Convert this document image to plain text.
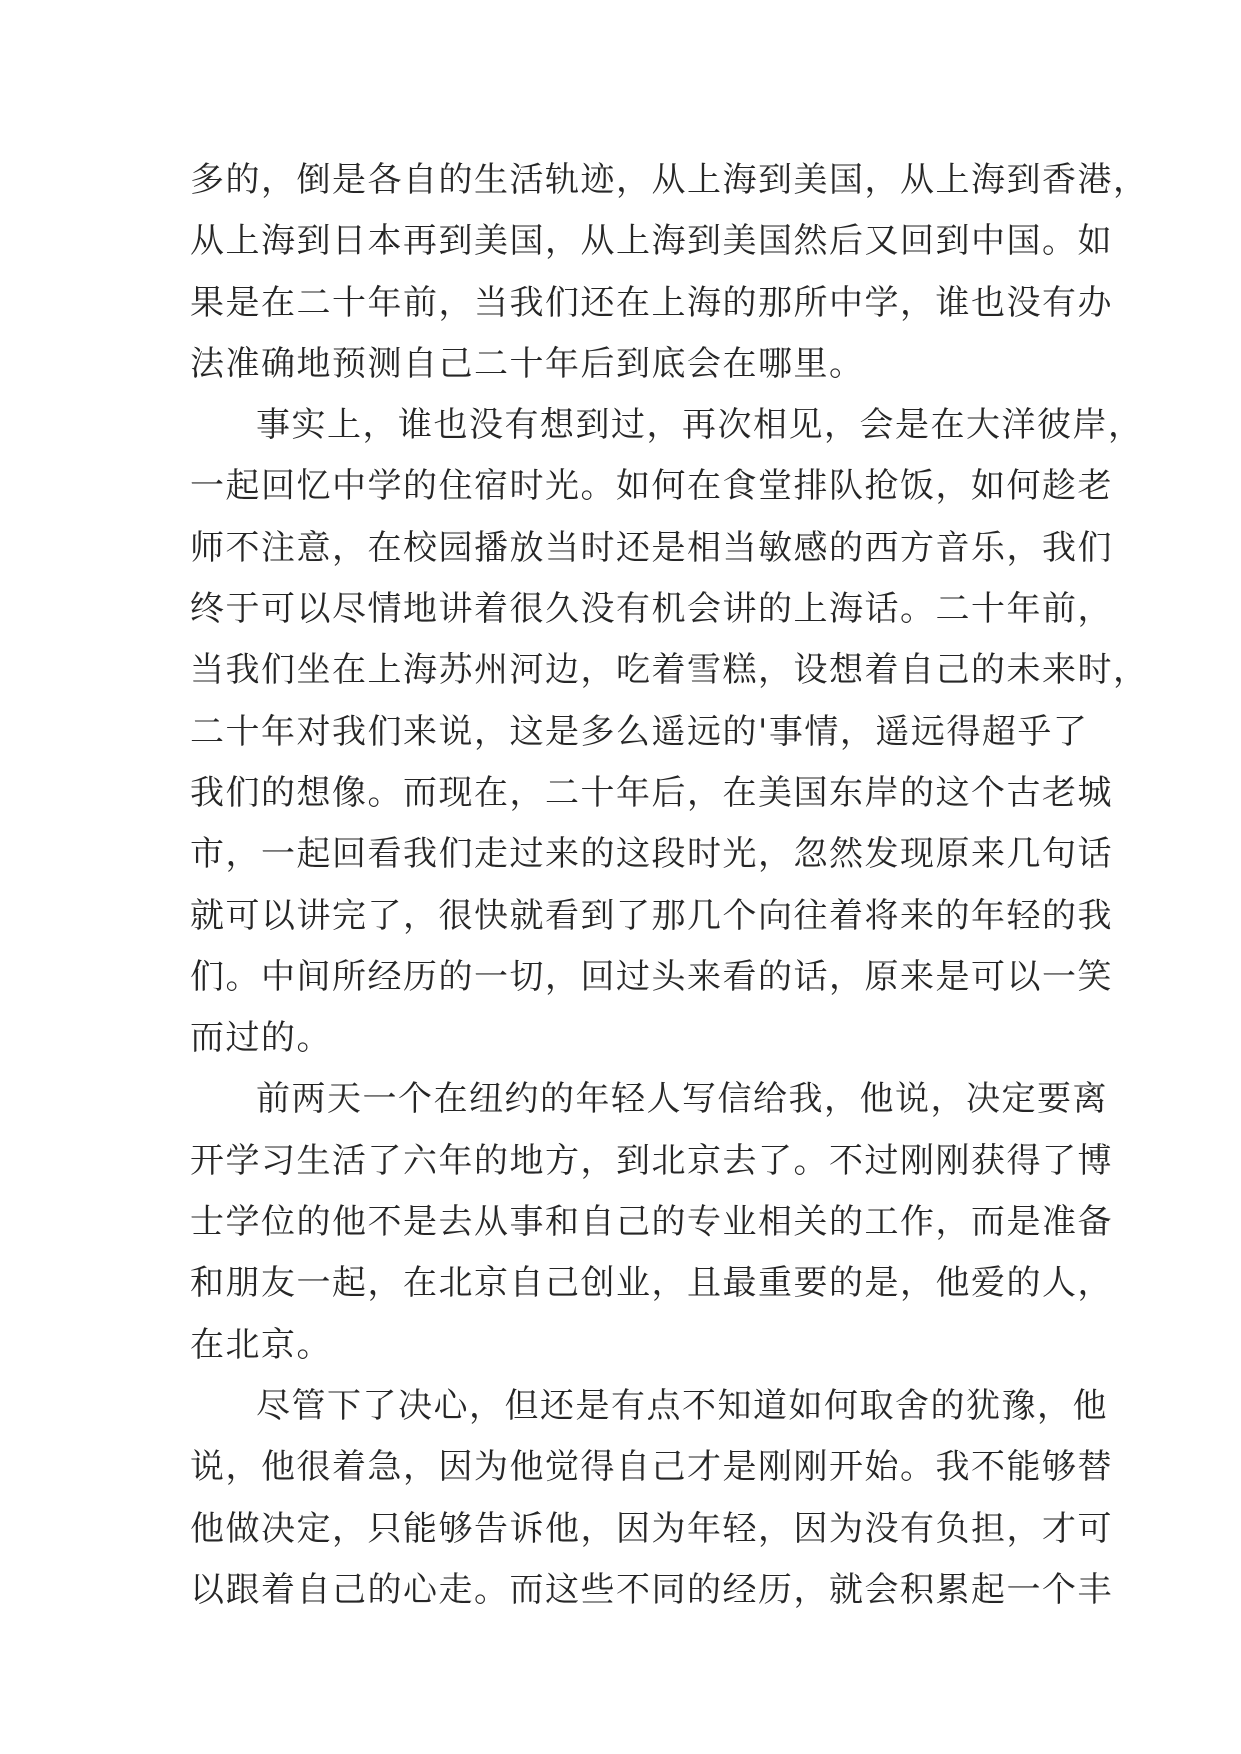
多的，倒是各自的生活轨迹，从上海到美国，从上海到香港，
从上海到日本再到美国，从上海到美国然后又回到中国。如
果是在二十年前，当我们还在上海的那所中学，谁也没有办
法准确地预测自己二十年后到底会在哪里。
事实上，谁也没有想到过，再次相见，会是在大洋彼岸，
一起回忆中学的住宿时光。如何在食堂排队抢饭，如何趁老
师不注意，在校园播放当时还是相当敏感的西方音乐，我们
终于可以尽情地讲着很久没有机会讲的上海话。二十年前，
当我们坐在上海苏州河边，吃着雪糕，设想着自己的未来时，
二十年对我们来说，这是多么遥远的'事情，遥远得超乎了
我们的想像。而现在，二十年后，在美国东岸的这个古老城
市，一起回看我们走过来的这段时光，忽然发现原来几句话
就可以讲完了，很快就看到了那几个向往着将来的年轻的我
们。中间所经历的一切，回过头来看的话，原来是可以一笑
而过的。
前两天一个在纽约的年轻人写信给我，他说，决定要离
开学习生活了六年的地方，到北京去了。不过刚刚获得了博
士学位的他不是去从事和自己的专业相关的工作，而是准备
和朋友一起，在北京自己创业，且最重要的是，他爱的人，
在北京。
尽管下了决心，但还是有点不知道如何取舍的犹豫，他
说，他很着急，因为他觉得自己才是刚刚开始。我不能够替
他做决定，只能够告诉他，因为年轻，因为没有负担，才可
以跟着自己的心走。而这些不同的经历，就会积累起一个丰
